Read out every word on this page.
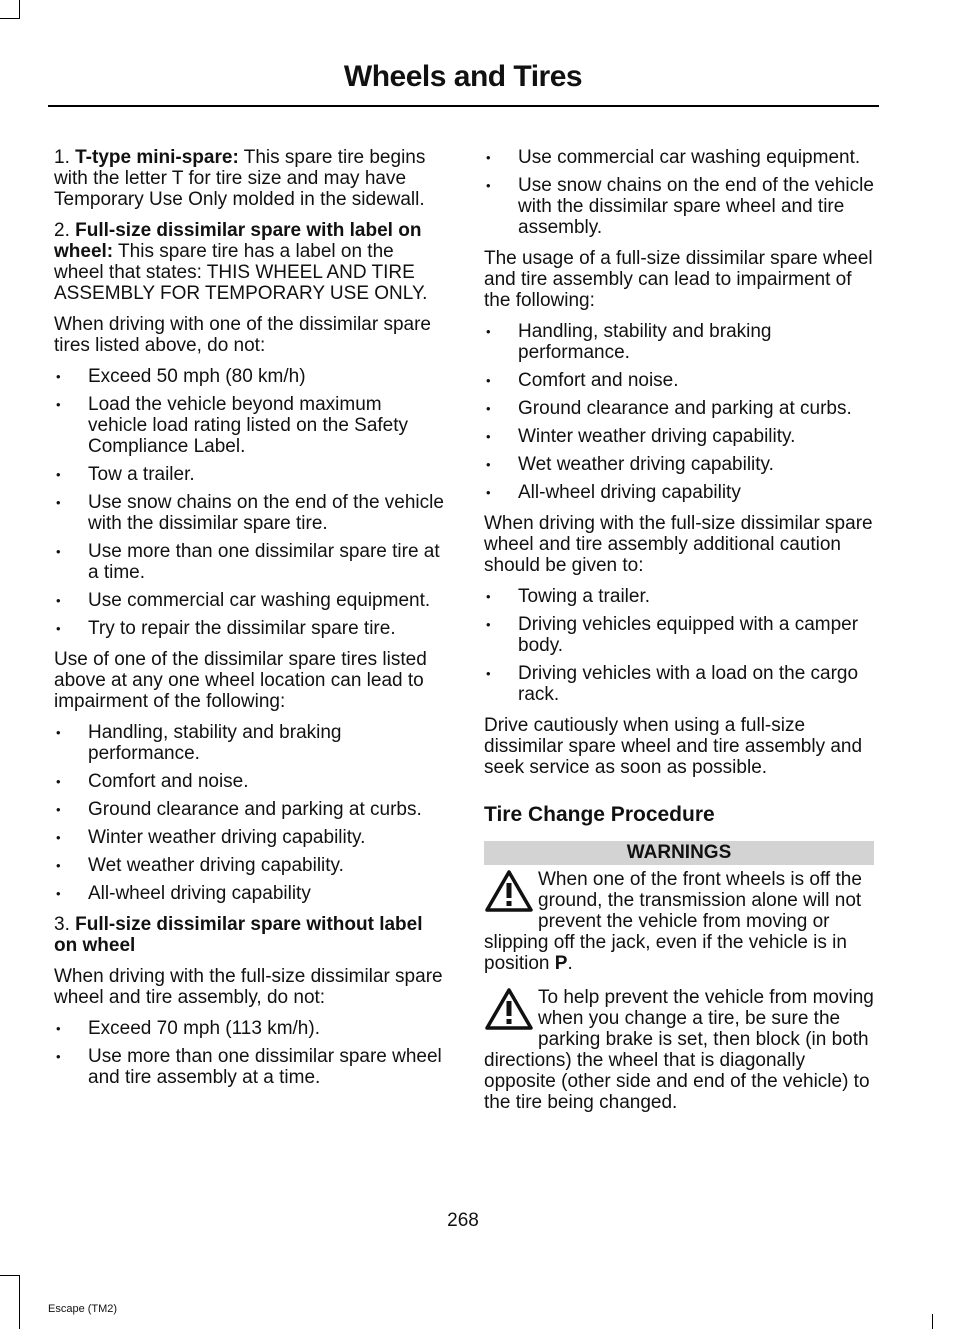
Wheels and Tires

1. T-type mini-spare: This spare tire begins with the letter T for tire size and may have Temporary Use Only molded in the sidewall.

2. Full-size dissimilar spare with label on wheel: This spare tire has a label on the wheel that states: THIS WHEEL AND TIRE ASSEMBLY FOR TEMPORARY USE ONLY.

When driving with one of the dissimilar spare tires listed above, do not:

• Exceed 50 mph (80 km/h)
• Load the vehicle beyond maximum vehicle load rating listed on the Safety Compliance Label.
• Tow a trailer.
• Use snow chains on the end of the vehicle with the dissimilar spare tire.
• Use more than one dissimilar spare tire at a time.
• Use commercial car washing equipment.
• Try to repair the dissimilar spare tire.

Use of one of the dissimilar spare tires listed above at any one wheel location can lead to impairment of the following:

• Handling, stability and braking performance.
• Comfort and noise.
• Ground clearance and parking at curbs.
• Winter weather driving capability.
• Wet weather driving capability.
• All-wheel driving capability

3. Full-size dissimilar spare without label on wheel

When driving with the full-size dissimilar spare wheel and tire assembly, do not:

• Exceed 70 mph (113 km/h).
• Use more than one dissimilar spare wheel and tire assembly at a time.
• Use commercial car washing equipment.
• Use snow chains on the end of the vehicle with the dissimilar spare wheel and tire assembly.

The usage of a full-size dissimilar spare wheel and tire assembly can lead to impairment of the following:

• Handling, stability and braking performance.
• Comfort and noise.
• Ground clearance and parking at curbs.
• Winter weather driving capability.
• Wet weather driving capability.
• All-wheel driving capability

When driving with the full-size dissimilar spare wheel and tire assembly additional caution should be given to:

• Towing a trailer.
• Driving vehicles equipped with a camper body.
• Driving vehicles with a load on the cargo rack.

Drive cautiously when using a full-size dissimilar spare wheel and tire assembly and seek service as soon as possible.

Tire Change Procedure
WARNINGS
When one of the front wheels is off the ground, the transmission alone will not prevent the vehicle from moving or slipping off the jack, even if the vehicle is in position P.
To help prevent the vehicle from moving when you change a tire, be sure the parking brake is set, then block (in both directions) the wheel that is diagonally opposite (other side and end of the vehicle) to the tire being changed.
268
Escape (TM2)
